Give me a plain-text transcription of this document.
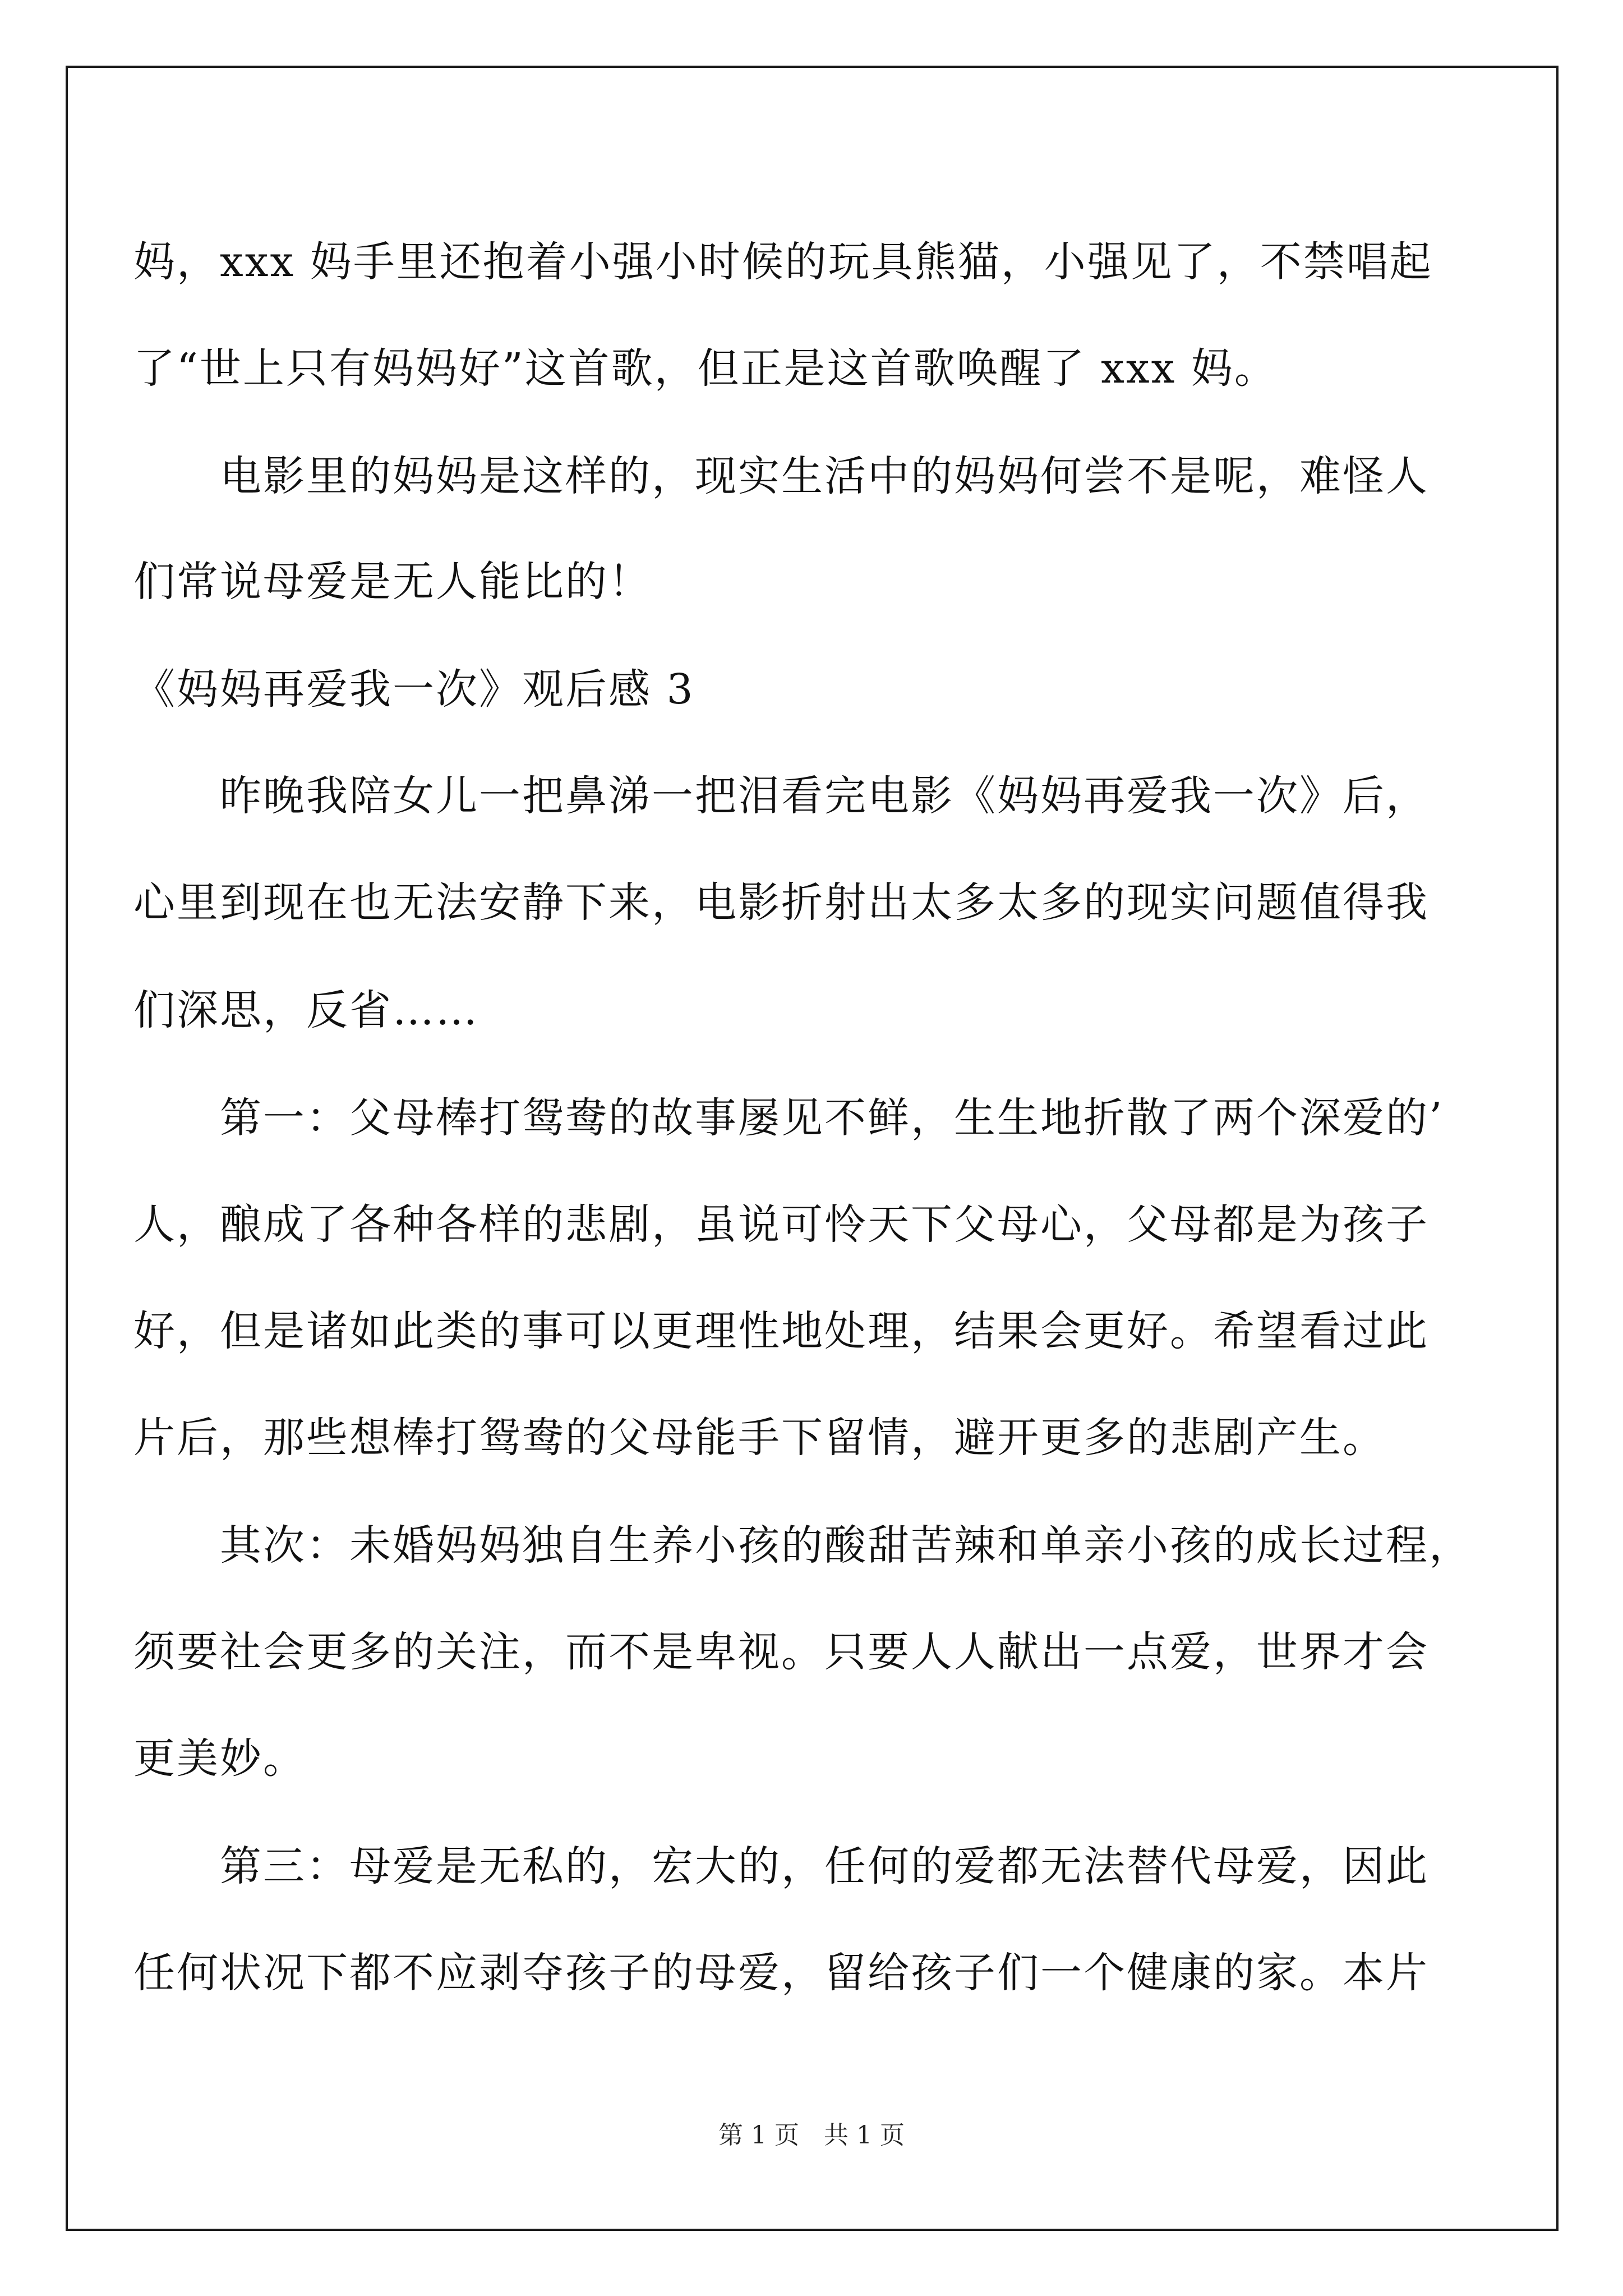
妈，xxx 妈手里还抱着小强小时候的玩具熊猫，小强见了，不禁唱起
了“世上只有妈妈好”这首歌，但正是这首歌唤醒了 xxx 妈。
　　电影里的妈妈是这样的，现实生活中的妈妈何尝不是呢，难怪人
们常说母爱是无人能比的！
《妈妈再爱我一次》观后感 3
　　昨晚我陪女儿一把鼻涕一把泪看完电影《妈妈再爱我一次》后，
心里到现在也无法安静下来，电影折射出太多太多的现实问题值得我
们深思，反省……
　　第一：父母棒打鸳鸯的故事屡见不鲜，生生地折散了两个深爱的’
人，酿成了各种各样的悲剧，虽说可怜天下父母心，父母都是为孩子
好，但是诸如此类的事可以更理性地处理，结果会更好。希望看过此
片后，那些想棒打鸳鸯的父母能手下留情，避开更多的悲剧产生。
　　其次：未婚妈妈独自生养小孩的酸甜苦辣和单亲小孩的成长过程，
须要社会更多的关注，而不是卑视。只要人人献出一点爱，世界才会
更美妙。
　　第三：母爱是无私的，宏大的，任何的爱都无法替代母爱，因此
任何状况下都不应剥夺孩子的母爱，留给孩子们一个健康的家。本片
第 1 页　共 1 页
